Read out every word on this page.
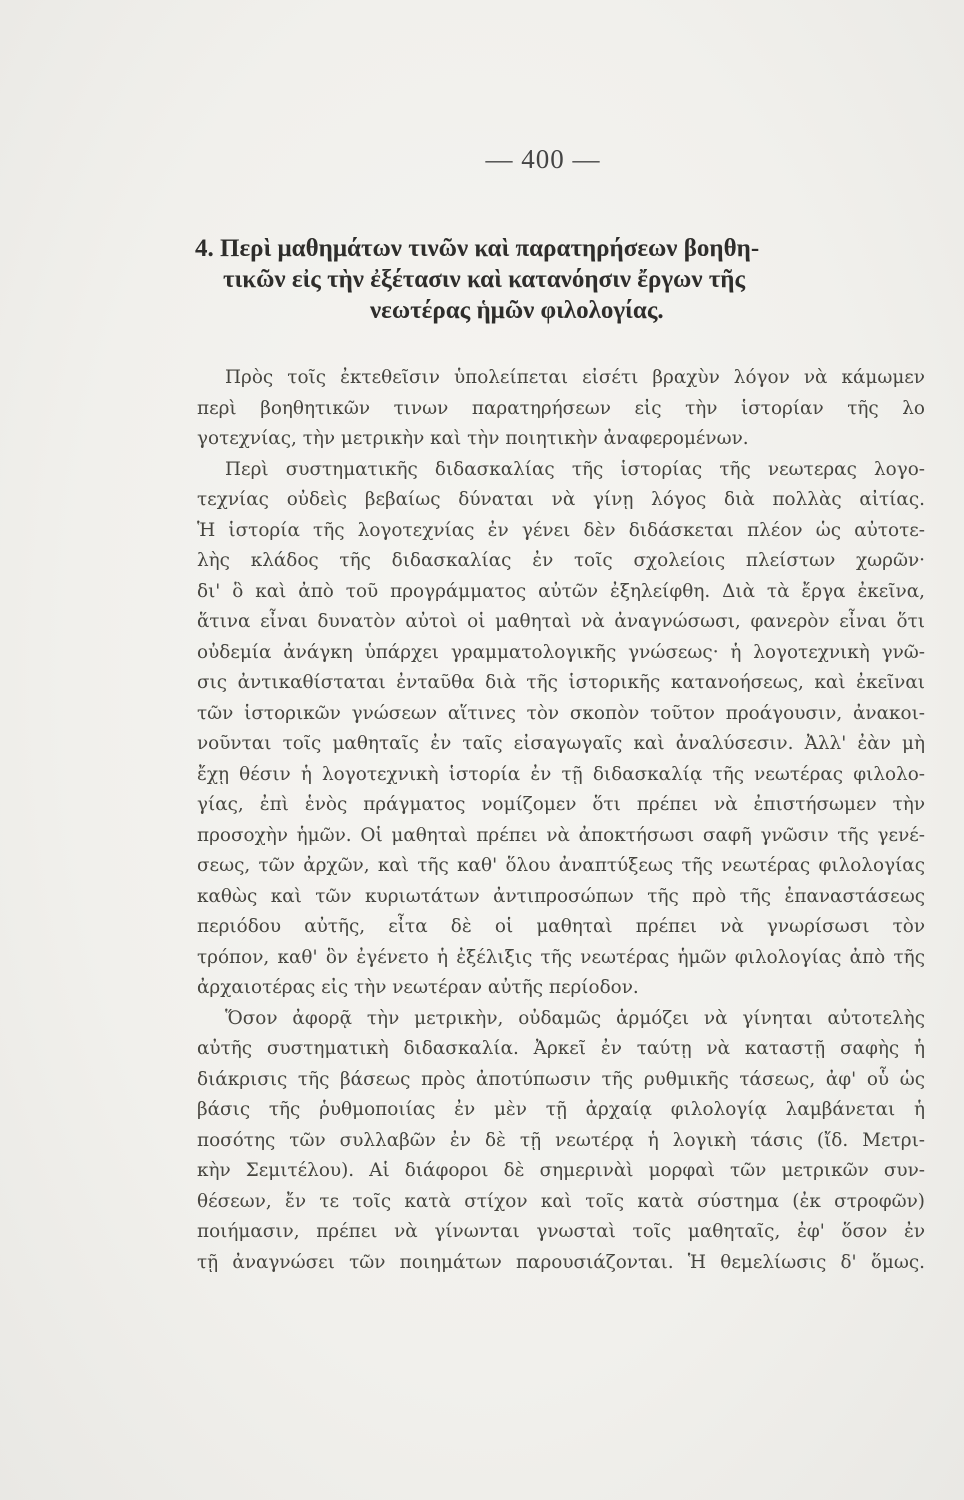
— 400 —
4. Περὶ μαθημάτων τινῶν καὶ παρατηρήσεων βοηθη-
τικῶν εἰς τὴν ἐξέτασιν καὶ κατανόησιν ἔργων τῆς
νεωτέρας ἡμῶν φιλολογίας.
Πρὸς τοῖς ἐκτεθεῖσιν ὑπολείπεται εἰσέτι βραχὺν λόγον νὰ κάμωμεν
περὶ βοηθητικῶν τινων παρατηρήσεων εἰς τὴν ἱστορίαν τῆς λο
γοτεχνίας, τὴν μετρικὴν καὶ τὴν ποιητικὴν ἀναφερομένων.
Περὶ συστηματικῆς διδασκαλίας τῆς ἱστορίας τῆς νεωτερας λογο-
τεχνίας οὐδεὶς βεβαίως δύναται νὰ γίνῃ λόγος διὰ πολλὰς αἰτίας.
Ἡ ἱστορία τῆς λογοτεχνίας ἐν γένει δὲν διδάσκεται πλέον ὡς αὐτοτε-
λὴς κλάδος τῆς διδασκαλίας ἐν τοῖς σχολείοις πλείστων χωρῶν·
δι' ὃ καὶ ἀπὸ τοῦ προγράμματος αὐτῶν ἐξηλείφθη. Διὰ τὰ ἔργα ἐκεῖνα,
ἅτινα εἶναι δυνατὸν αὐτοὶ οἱ μαθηταὶ νὰ ἀναγνώσωσι, φανερὸν εἶναι ὅτι
οὐδεμία ἀνάγκη ὑπάρχει γραμματολογικῆς γνώσεως· ἡ λογοτεχνικὴ γνῶ-
σις ἀντικαθίσταται ἐνταῦθα διὰ τῆς ἱστορικῆς κατανοήσεως, καὶ ἐκεῖναι
τῶν ἱστορικῶν γνώσεων αἵτινες τὸν σκοπὸν τοῦτον προάγουσιν, ἀνακοι-
νοῦνται τοῖς μαθηταῖς ἐν ταῖς εἰσαγωγαῖς καὶ ἀναλύσεσιν. Ἀλλ' ἐὰν μὴ
ἔχῃ θέσιν ἡ λογοτεχνικὴ ἱστορία ἐν τῇ διδασκαλίᾳ τῆς νεωτέρας φιλολο-
γίας, ἐπὶ ἑνὸς πράγματος νομίζομεν ὅτι πρέπει νὰ ἐπιστήσωμεν τὴν
προσοχὴν ἡμῶν. Οἱ μαθηταὶ πρέπει νὰ ἀποκτήσωσι σαφῆ γνῶσιν τῆς γενέ-
σεως, τῶν ἀρχῶν, καὶ τῆς καθ' ὅλου ἀναπτύξεως τῆς νεωτέρας φιλολογίας
καθὼς καὶ τῶν κυριωτάτων ἀντιπροσώπων τῆς πρὸ τῆς ἐπαναστάσεως
περιόδου αὐτῆς, εἶτα δὲ οἱ μαθηταὶ πρέπει νὰ γνωρίσωσι τὸν
τρόπον, καθ' ὃν ἐγένετο ἡ ἐξέλιξις τῆς νεωτέρας ἡμῶν φιλολογίας ἀπὸ τῆς
ἀρχαιοτέρας εἰς τὴν νεωτέραν αὐτῆς περίοδον.
Ὅσον ἀφορᾷ τὴν μετρικὴν, οὐδαμῶς ἁρμόζει νὰ γίνηται αὐτοτελὴς
αὐτῆς συστηματικὴ διδασκαλία. Ἀρκεῖ ἐν ταύτῃ νὰ καταστῇ σαφὴς ἡ
διάκρισις τῆς βάσεως πρὸς ἀποτύπωσιν τῆς ρυθμικῆς τάσεως, ἀφ' οὗ ὡς
βάσις τῆς ῥυθμοποιίας ἐν μὲν τῇ ἀρχαίᾳ φιλολογίᾳ λαμβάνεται ἡ
ποσότης τῶν συλλαβῶν ἐν δὲ τῇ νεωτέρᾳ ἡ λογικὴ τάσις (ἴδ. Μετρι-
κὴν Σεμιτέλου). Αἱ διάφοροι δὲ σημερινὰὶ μορφαὶ τῶν μετρικῶν συν-
θέσεων, ἔν τε τοῖς κατὰ στίχον καὶ τοῖς κατὰ σύστημα (ἐκ στροφῶν)
ποιήμασιν, πρέπει νὰ γίνωνται γνωσταὶ τοῖς μαθηταῖς, ἐφ' ὅσον ἐν
τῇ ἀναγνώσει τῶν ποιημάτων παρουσιάζονται. Ἡ θεμελίωσις δ' ὅμως.
